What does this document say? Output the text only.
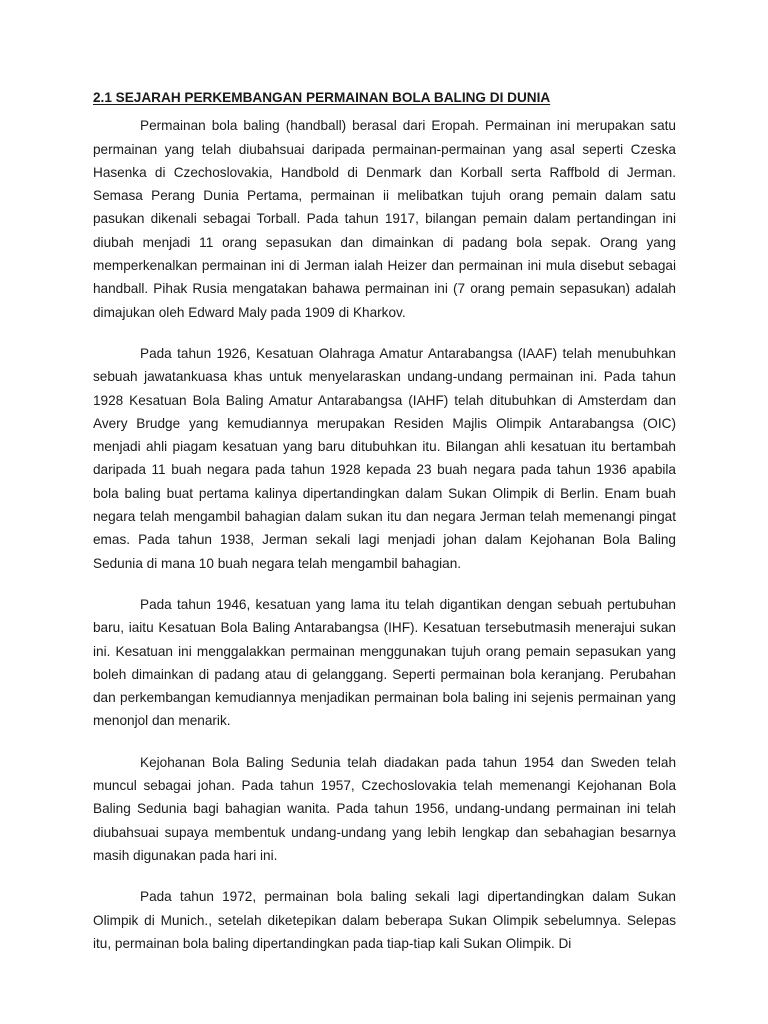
2.1 SEJARAH PERKEMBANGAN PERMAINAN BOLA BALING DI DUNIA

Permainan bola baling (handball) berasal dari Eropah. Permainan ini merupakan satu permainan yang telah diubahsuai daripada permainan-permainan yang asal seperti Czeska Hasenka di Czechoslovakia, Handbold di Denmark dan Korball serta Raffbold di Jerman. Semasa Perang Dunia Pertama, permainan ii melibatkan tujuh orang pemain dalam satu pasukan dikenali sebagai Torball. Pada tahun 1917, bilangan pemain dalam pertandingan ini diubah menjadi 11 orang sepasukan dan dimainkan di padang bola sepak. Orang yang memperkenalkan permainan ini di Jerman ialah Heizer dan permainan ini mula disebut sebagai handball. Pihak Rusia mengatakan bahawa permainan ini (7 orang pemain sepasukan) adalah dimajukan oleh Edward Maly pada 1909 di Kharkov.

Pada tahun 1926, Kesatuan Olahraga Amatur Antarabangsa (IAAF) telah menubuhkan sebuah jawatankuasa khas untuk menyelaraskan undang-undang permainan ini. Pada tahun 1928 Kesatuan Bola Baling Amatur Antarabangsa (IAHF) telah ditubuhkan di Amsterdam dan Avery Brudge yang kemudiannya merupakan Residen Majlis Olimpik Antarabangsa (OIC) menjadi ahli piagam kesatuan yang baru ditubuhkan itu. Bilangan ahli kesatuan itu bertambah daripada 11 buah negara pada tahun 1928 kepada 23 buah negara pada tahun 1936 apabila bola baling buat pertama kalinya dipertandingkan dalam Sukan Olimpik di Berlin. Enam buah negara telah mengambil bahagian dalam sukan itu dan negara Jerman telah memenangi pingat emas. Pada tahun 1938, Jerman sekali lagi menjadi johan dalam Kejohanan Bola Baling Sedunia di mana 10 buah negara telah mengambil bahagian.

Pada tahun 1946, kesatuan yang lama itu telah digantikan dengan sebuah pertubuhan baru, iaitu Kesatuan Bola Baling Antarabangsa (IHF). Kesatuan tersebutmasih menerajui sukan ini. Kesatuan ini menggalakkan permainan menggunakan tujuh orang pemain sepasukan yang boleh dimainkan di padang atau di gelanggang. Seperti permainan bola keranjang. Perubahan dan perkembangan kemudiannya menjadikan permainan bola baling ini sejenis permainan yang menonjol dan menarik.

Kejohanan Bola Baling Sedunia telah diadakan pada tahun 1954 dan Sweden telah muncul sebagai johan. Pada tahun 1957, Czechoslovakia telah memenangi Kejohanan Bola Baling Sedunia bagi bahagian wanita. Pada tahun 1956, undang-undang permainan ini telah diubahsuai supaya membentuk undang-undang yang lebih lengkap dan sebahagian besarnya masih digunakan pada hari ini.

Pada tahun 1972, permainan bola baling sekali lagi dipertandingkan dalam Sukan Olimpik di Munich., setelah diketepikan dalam beberapa Sukan Olimpik sebelumnya. Selepas itu, permainan bola baling dipertandingkan pada tiap-tiap kali Sukan Olimpik. Di
